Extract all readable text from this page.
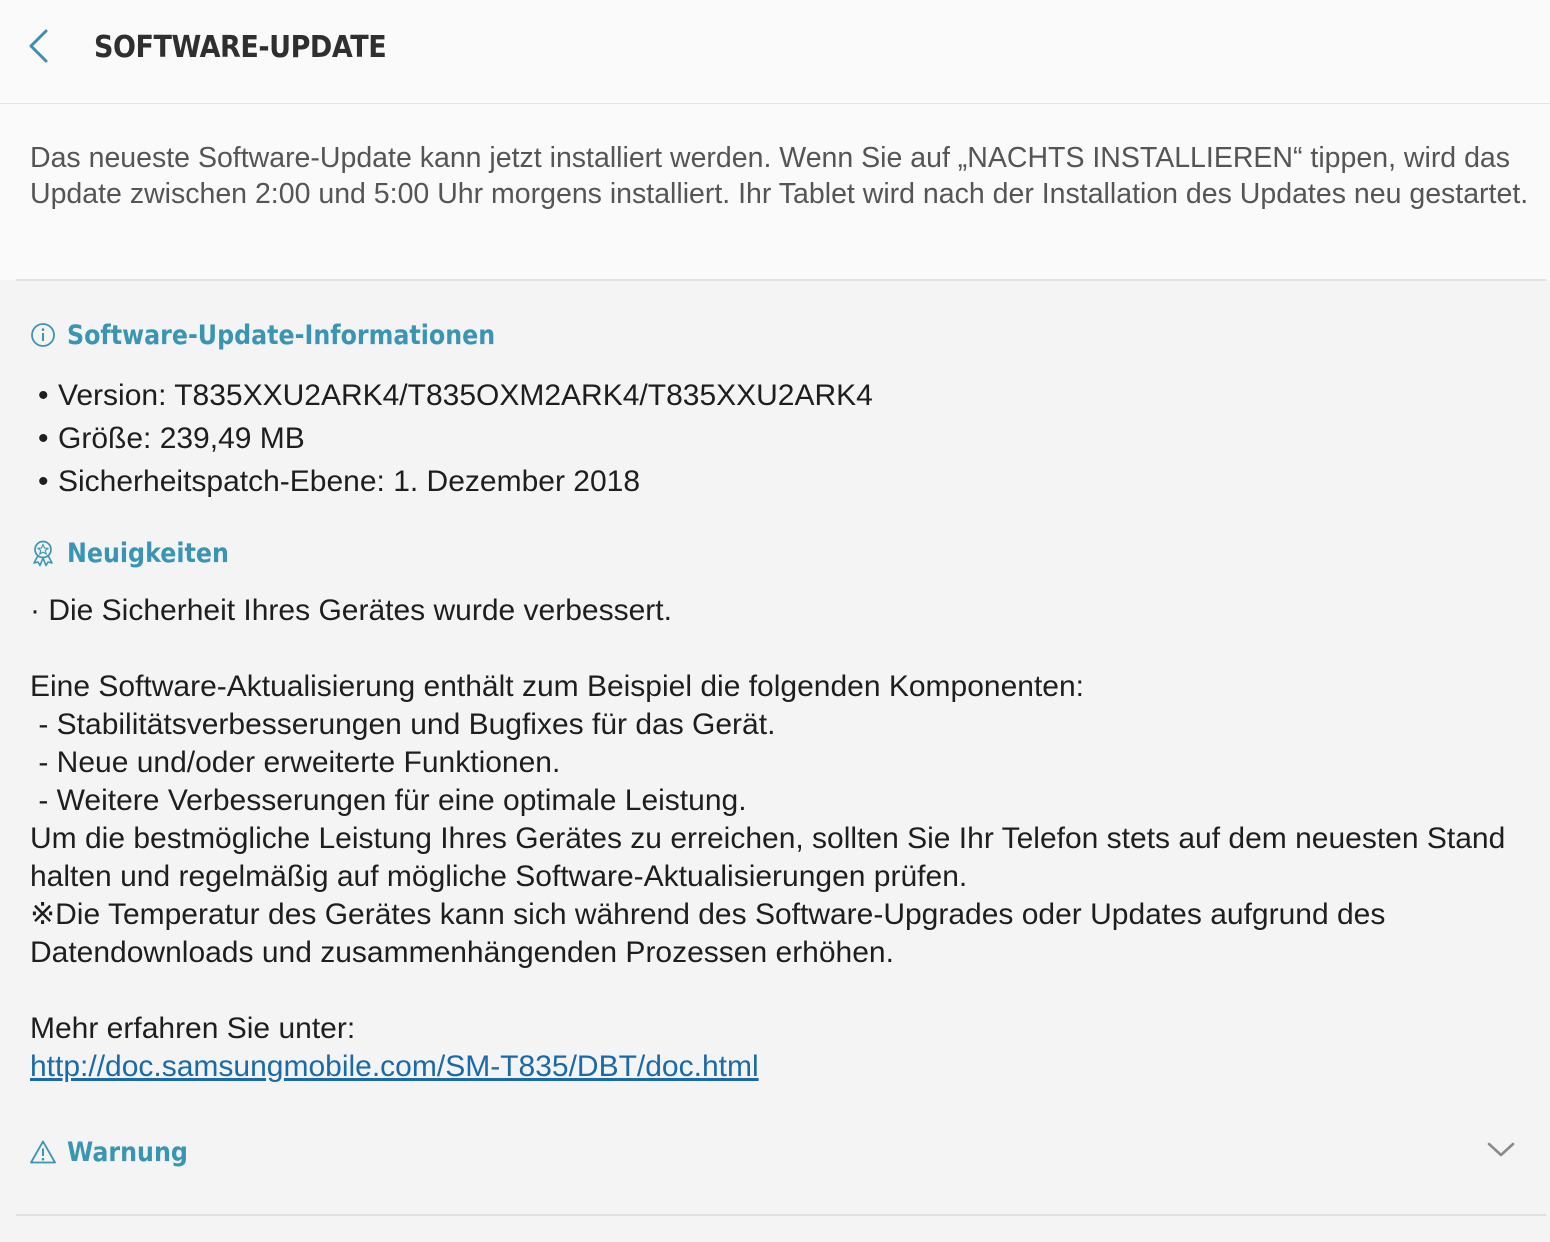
SOFTWARE-UPDATE
Das neueste Software-Update kann jetzt installiert werden. Wenn Sie auf „NACHTS INSTALLIEREN“ tippen, wird das Update zwischen 2:00 und 5:00 Uhr morgens installiert. Ihr Tablet wird nach der Installation des Updates neu gestartet.
Software-Update-Informationen
• Version: T835XXU2ARK4/T835OXM2ARK4/T835XXU2ARK4
• Größe: 239,49 MB
• Sicherheitspatch-Ebene: 1. Dezember 2018
Neuigkeiten

· Die Sicherheit Ihres Gerätes wurde verbessert.

Eine Software-Aktualisierung enthält zum Beispiel die folgenden Komponenten:

- Stabilitätsverbesserungen und Bugfixes für das Gerät.

- Neue und/oder erweiterte Funktionen.

- Weitere Verbesserungen für eine optimale Leistung.

Um die bestmögliche Leistung Ihres Gerätes zu erreichen, sollten Sie Ihr Telefon stets auf dem neuesten Stand halten und regelmäßig auf mögliche Software-Aktualisierungen prüfen.

※Die Temperatur des Gerätes kann sich während des Software-Upgrades oder Updates aufgrund des Datendownloads und zusammenhängenden Prozessen erhöhen.

Mehr erfahren Sie unter:

http://doc.samsungmobile.com/SM-T835/DBT/doc.html

Warnung
